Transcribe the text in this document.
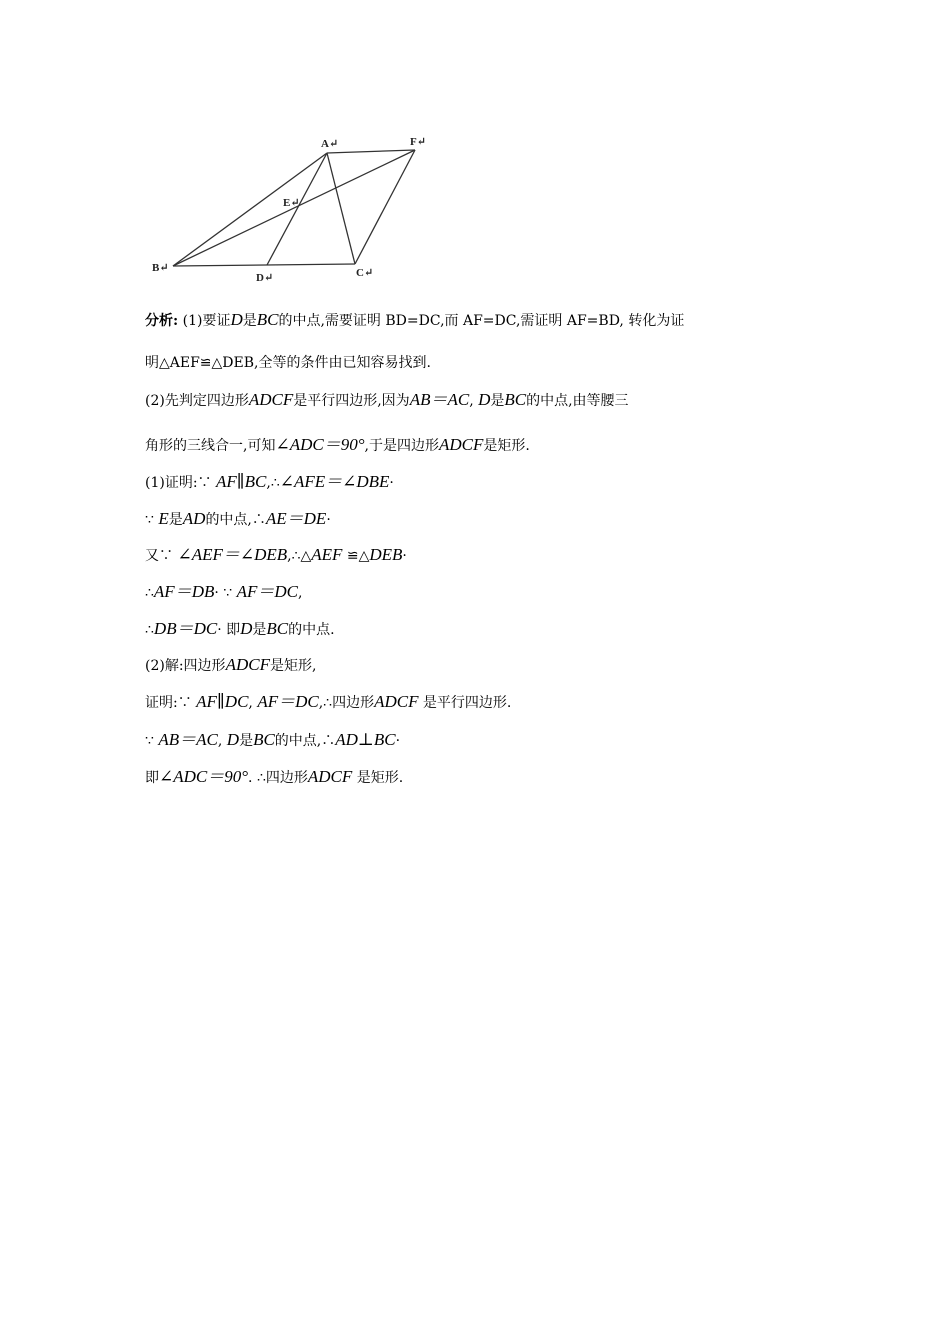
A↵	F↵
E↵
B↵
D↵	C↵
分析: (1)要证D是BC的中点,需要证明 BD=DC,而 AF=DC,需证明 AF=BD, 转化为证
明△AEF≌△DEB,全等的条件由已知容易找到.
(2)先判定四边形ADCF是平行四边形,因为AB＝AC, D是BC的中点,由等腰三
角形的三线合一,可知∠ADC＝90°,于是四边形ADCF是矩形.
(1)证明:∵ AF∥BC,∴∠AFE＝∠DBE·
∵ E是AD的中点,∴AE＝DE·
又∵ ∠AEF＝∠DEB,∴△AEF ≌△DEB·
∴AF＝DB· ∵ AF＝DC,
∴DB＝DC· 即D是BC的中点.
(2)解:四边形ADCF是矩形,
证明:∵ AF∥DC, AF＝DC,∴四边形ADCF 是平行四边形.
∵ AB＝AC, D是BC的中点,∴AD⊥BC·
即∠ADC＝90°. ∴四边形ADCF 是矩形.
